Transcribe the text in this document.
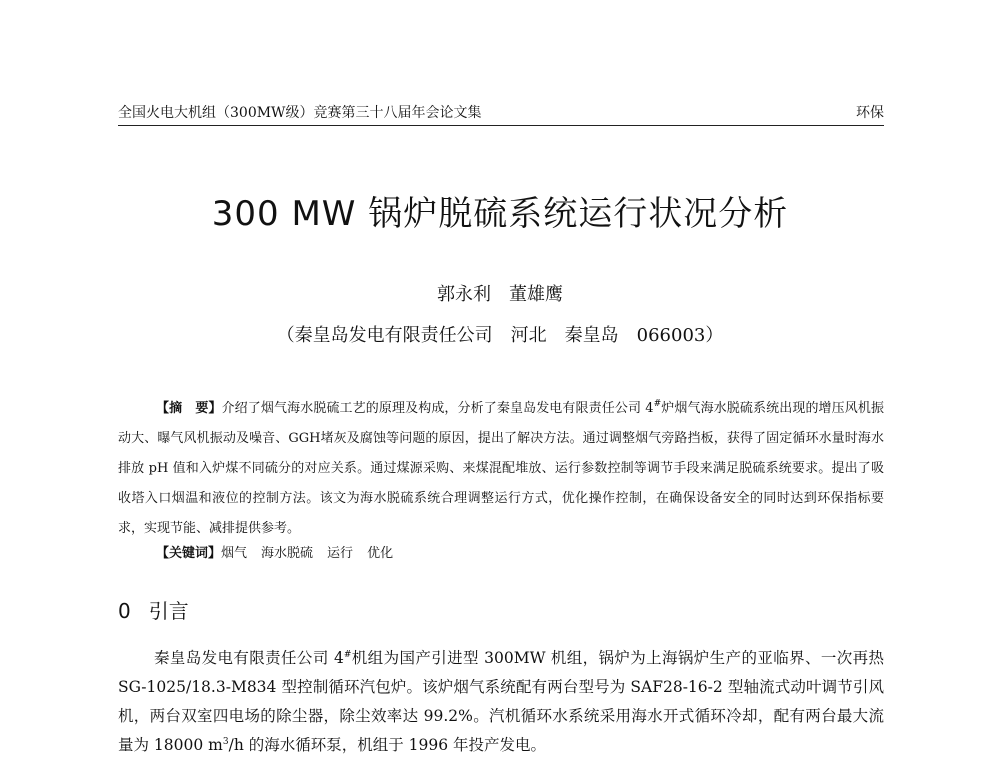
全国火电大机组（300MW级）竞赛第三十八届年会论文集	环保
300 MW 锅炉脱硫系统运行状况分析
郭永利　董雄鹰
（秦皇岛发电有限责任公司　河北　秦皇岛　066003）

【摘　要】介绍了烟气海水脱硫工艺的原理及构成，分析了秦皇岛发电有限责任公司 4#炉烟气海水脱硫系统出现的增压风机振动大、曝气风机振动及噪音、GGH堵灰及腐蚀等问题的原因，提出了解决方法。通过调整烟气旁路挡板，获得了固定循环水量时海水排放 pH 值和入炉煤不同硫分的对应关系。通过煤源采购、来煤混配堆放、运行参数控制等调节手段来满足脱硫系统要求。提出了吸收塔入口烟温和液位的控制方法。该文为海水脱硫系统合理调整运行方式，优化操作控制，在确保设备安全的同时达到环保指标要求，实现节能、减排提供参考。

【关键词】烟气 海水脱硫 运行 优化
0 引言

秦皇岛发电有限责任公司 4#机组为国产引进型 300MW 机组，锅炉为上海锅炉生产的亚临界、一次再热 SG-1025/18.3-M834 型控制循环汽包炉。该炉烟气系统配有两台型号为 SAF28-16-2 型轴流式动叶调节引风机，两台双室四电场的除尘器，除尘效率达 99.2%。汽机循环水系统采用海水开式循环冷却，配有两台最大流量为 18000 $m^3/h$ 的海水循环泵，机组于 1996 年投产发电。
